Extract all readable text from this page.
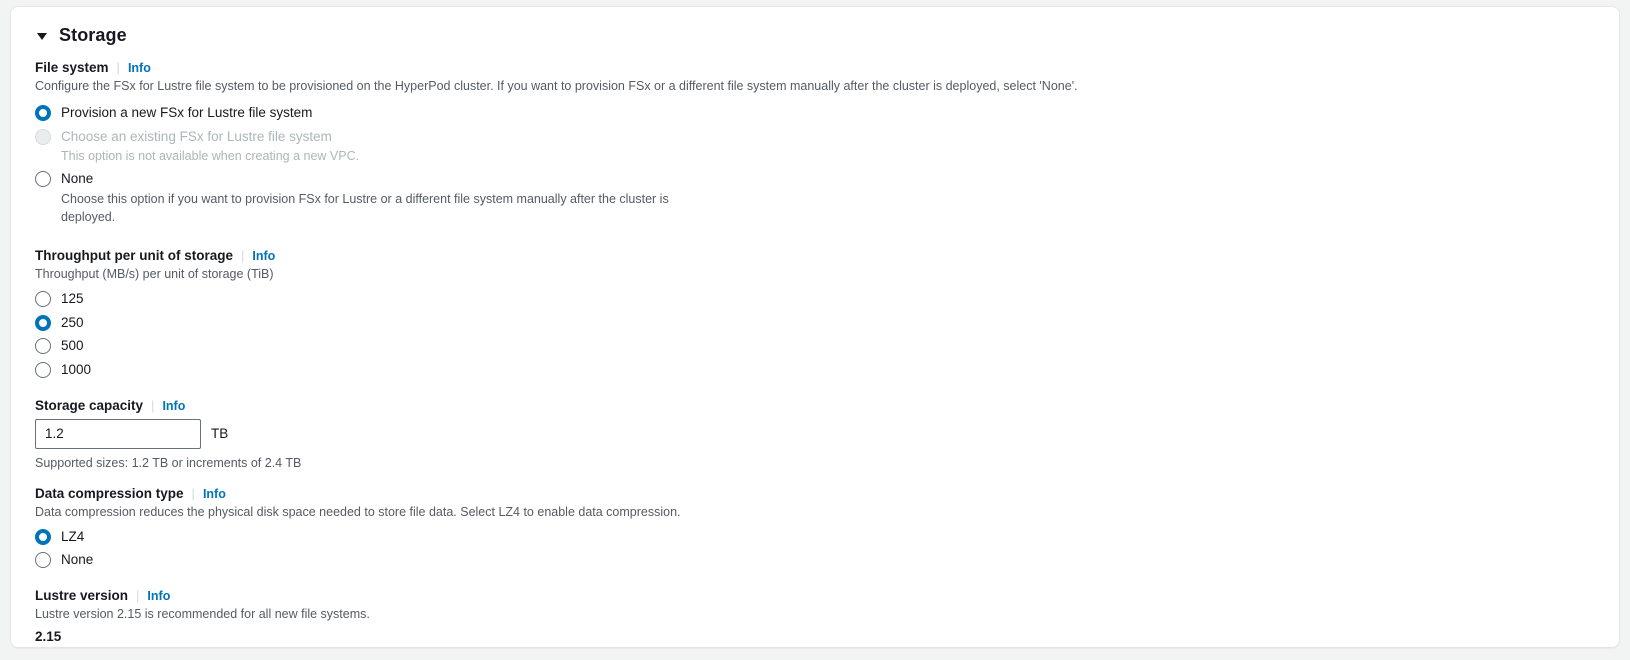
Storage
File system | Info
Configure the FSx for Lustre file system to be provisioned on the HyperPod cluster. If you want to provision FSx or a different file system manually after the cluster is deployed, select 'None'.
Provision a new FSx for Lustre file system
Choose an existing FSx for Lustre file system
This option is not available when creating a new VPC.
None
Choose this option if you want to provision FSx for Lustre or a different file system manually after the cluster is deployed.
Throughput per unit of storage | Info
Throughput (MB/s) per unit of storage (TiB)
125
250
500
1000
Storage capacity | Info
1.2
TB
Supported sizes: 1.2 TB or increments of 2.4 TB
Data compression type | Info
Data compression reduces the physical disk space needed to store file data. Select LZ4 to enable data compression.
LZ4
None
Lustre version | Info
Lustre version 2.15 is recommended for all new file systems.
2.15
